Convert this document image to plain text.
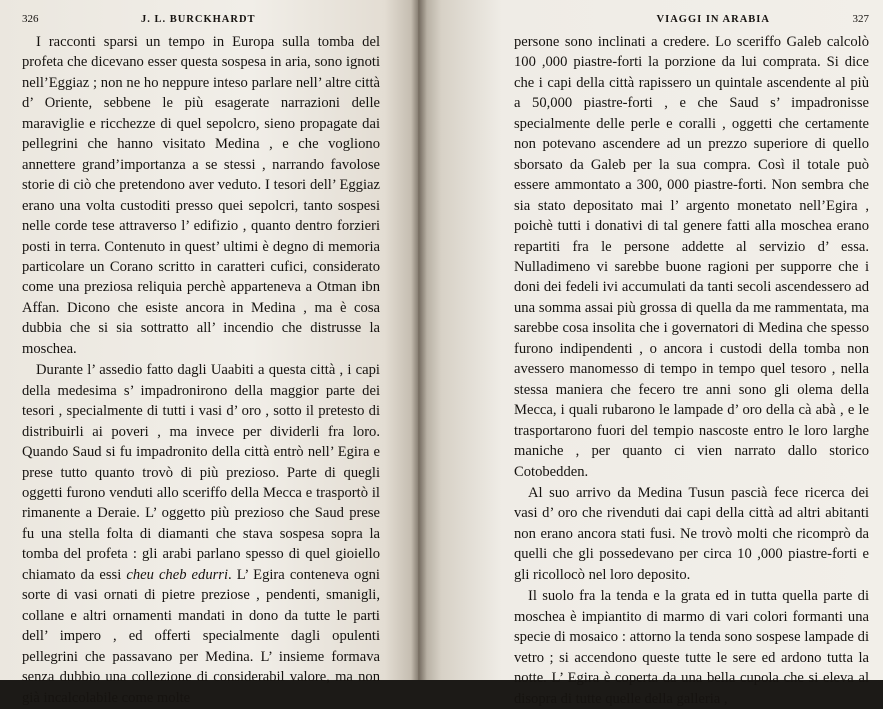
326	J. L. BURCKHARDT

I racconti sparsi un tempo in Europa sulla tomba del profeta che dicevano esser questa sospesa in aria, sono ignoti nell’Eggiaz ; non ne ho neppure inteso parlare nell’ altre città d’ Oriente, sebbene le più esagerate narrazioni delle maraviglie e ricchezze di quel sepolcro, sieno propagate dai pellegrini che hanno visitato Medina , e che vogliono annettere grand’importanza a se stessi , narrando favolose storie di ciò che pretendono aver veduto. I tesori dell’ Eggiaz erano una volta custoditi presso quei sepolcri, tanto sospesi nelle corde tese attraverso l’ edifizio , quanto dentro forzieri posti in terra. Contenuto in quest’ ultimi è degno di memoria particolare un Corano scritto in caratteri cufici, considerato come una preziosa reliquia perchè apparteneva a Otman ibn Affan. Dicono che esiste ancora in Medina , ma è cosa dubbia che si sia sottratto all’ incendio che distrusse la moschea.

Durante l’ assedio fatto dagli Uaabiti a questa città , i capi della medesima s’ impadronirono della maggior parte dei tesori , specialmente di tutti i vasi d’ oro , sotto il pretesto di distribuirli ai poveri , ma invece per dividerli fra loro. Quando Saud si fu impadronito della città entrò nell’ Egira e prese tutto quanto trovò di più prezioso. Parte di quegli oggetti furono venduti allo sceriffo della Mecca e trasportò il rimanente a Deraie. L’ oggetto più prezioso che Saud prese fu una stella folta di diamanti che stava sospesa sopra la tomba del profeta : gli arabi parlano spesso di quel gioiello chiamato da essi cheu cheb edurri. L’ Egira conteneva ogni sorte di vasi ornati di pietre preziose , pendenti, smanigli, collane e altri ornamenti mandati in dono da tutte le parti dell’ impero , ed offerti specialmente dagli opulenti pellegrini che passavano per Medina. L’ insieme formava senza dubbio una collezione di considerabil valore, ma non già incalcolabile come molte

VIAGGI IN ARABIA	327

persone sono inclinati a credere. Lo sceriffo Galeb calcolò 100 ,000 piastre-forti la porzione da lui comprata. Si dice che i capi della città rapissero un quintale ascendente al più a 50,000 piastre-forti , e che Saud s’ impadronisse specialmente delle perle e coralli , oggetti che certamente non potevano ascendere ad un prezzo superiore di quello sborsato da Galeb per la sua compra. Così il totale può essere ammontato a 300, 000 piastre-forti. Non sembra che sia stato depositato mai l’ argento monetato nell’Egira , poichè tutti i donativi di tal genere fatti alla moschea erano repartiti fra le persone addette al servizio d’ essa. Nulladimeno vi sarebbe buone ragioni per supporre che i doni dei fedeli ivi accumulati da tanti secoli ascendessero ad una somma assai più grossa di quella da me rammentata, ma sarebbe cosa insolita che i governatori di Medina che spesso furono indipendenti , o ancora i custodi della tomba non avessero manomesso di tempo in tempo quel tesoro , nella stessa maniera che fecero tre anni sono gli olema della Mecca, i quali rubarono le lampade d’ oro della cà abà , e le trasportarono fuori del tempio nascoste entro le loro larghe maniche , per quanto ci vien narrato dallo storico Cotobedden.

Al suo arrivo da Medina Tusun pascià fece ricerca dei vasi d’ oro che rivenduti dai capi della città ad altri abitanti non erano ancora stati fusi. Ne trovò molti che ricomprò da quelli che gli possedevano per circa 10 ,000 piastre-forti e gli ricollocò nel loro deposito.

Il suolo fra la tenda e la grata ed in tutta quella parte di moschea è impiantito di marmo di vari colori formanti una specie di mosaico : attorno la tenda sono sospese lampade di vetro ; si accendono queste tutte le sere ed ardono tutta la notte. L’ Egira è coperta da una bella cupola che si eleva al disopra di tutte quelle della galleria ,
